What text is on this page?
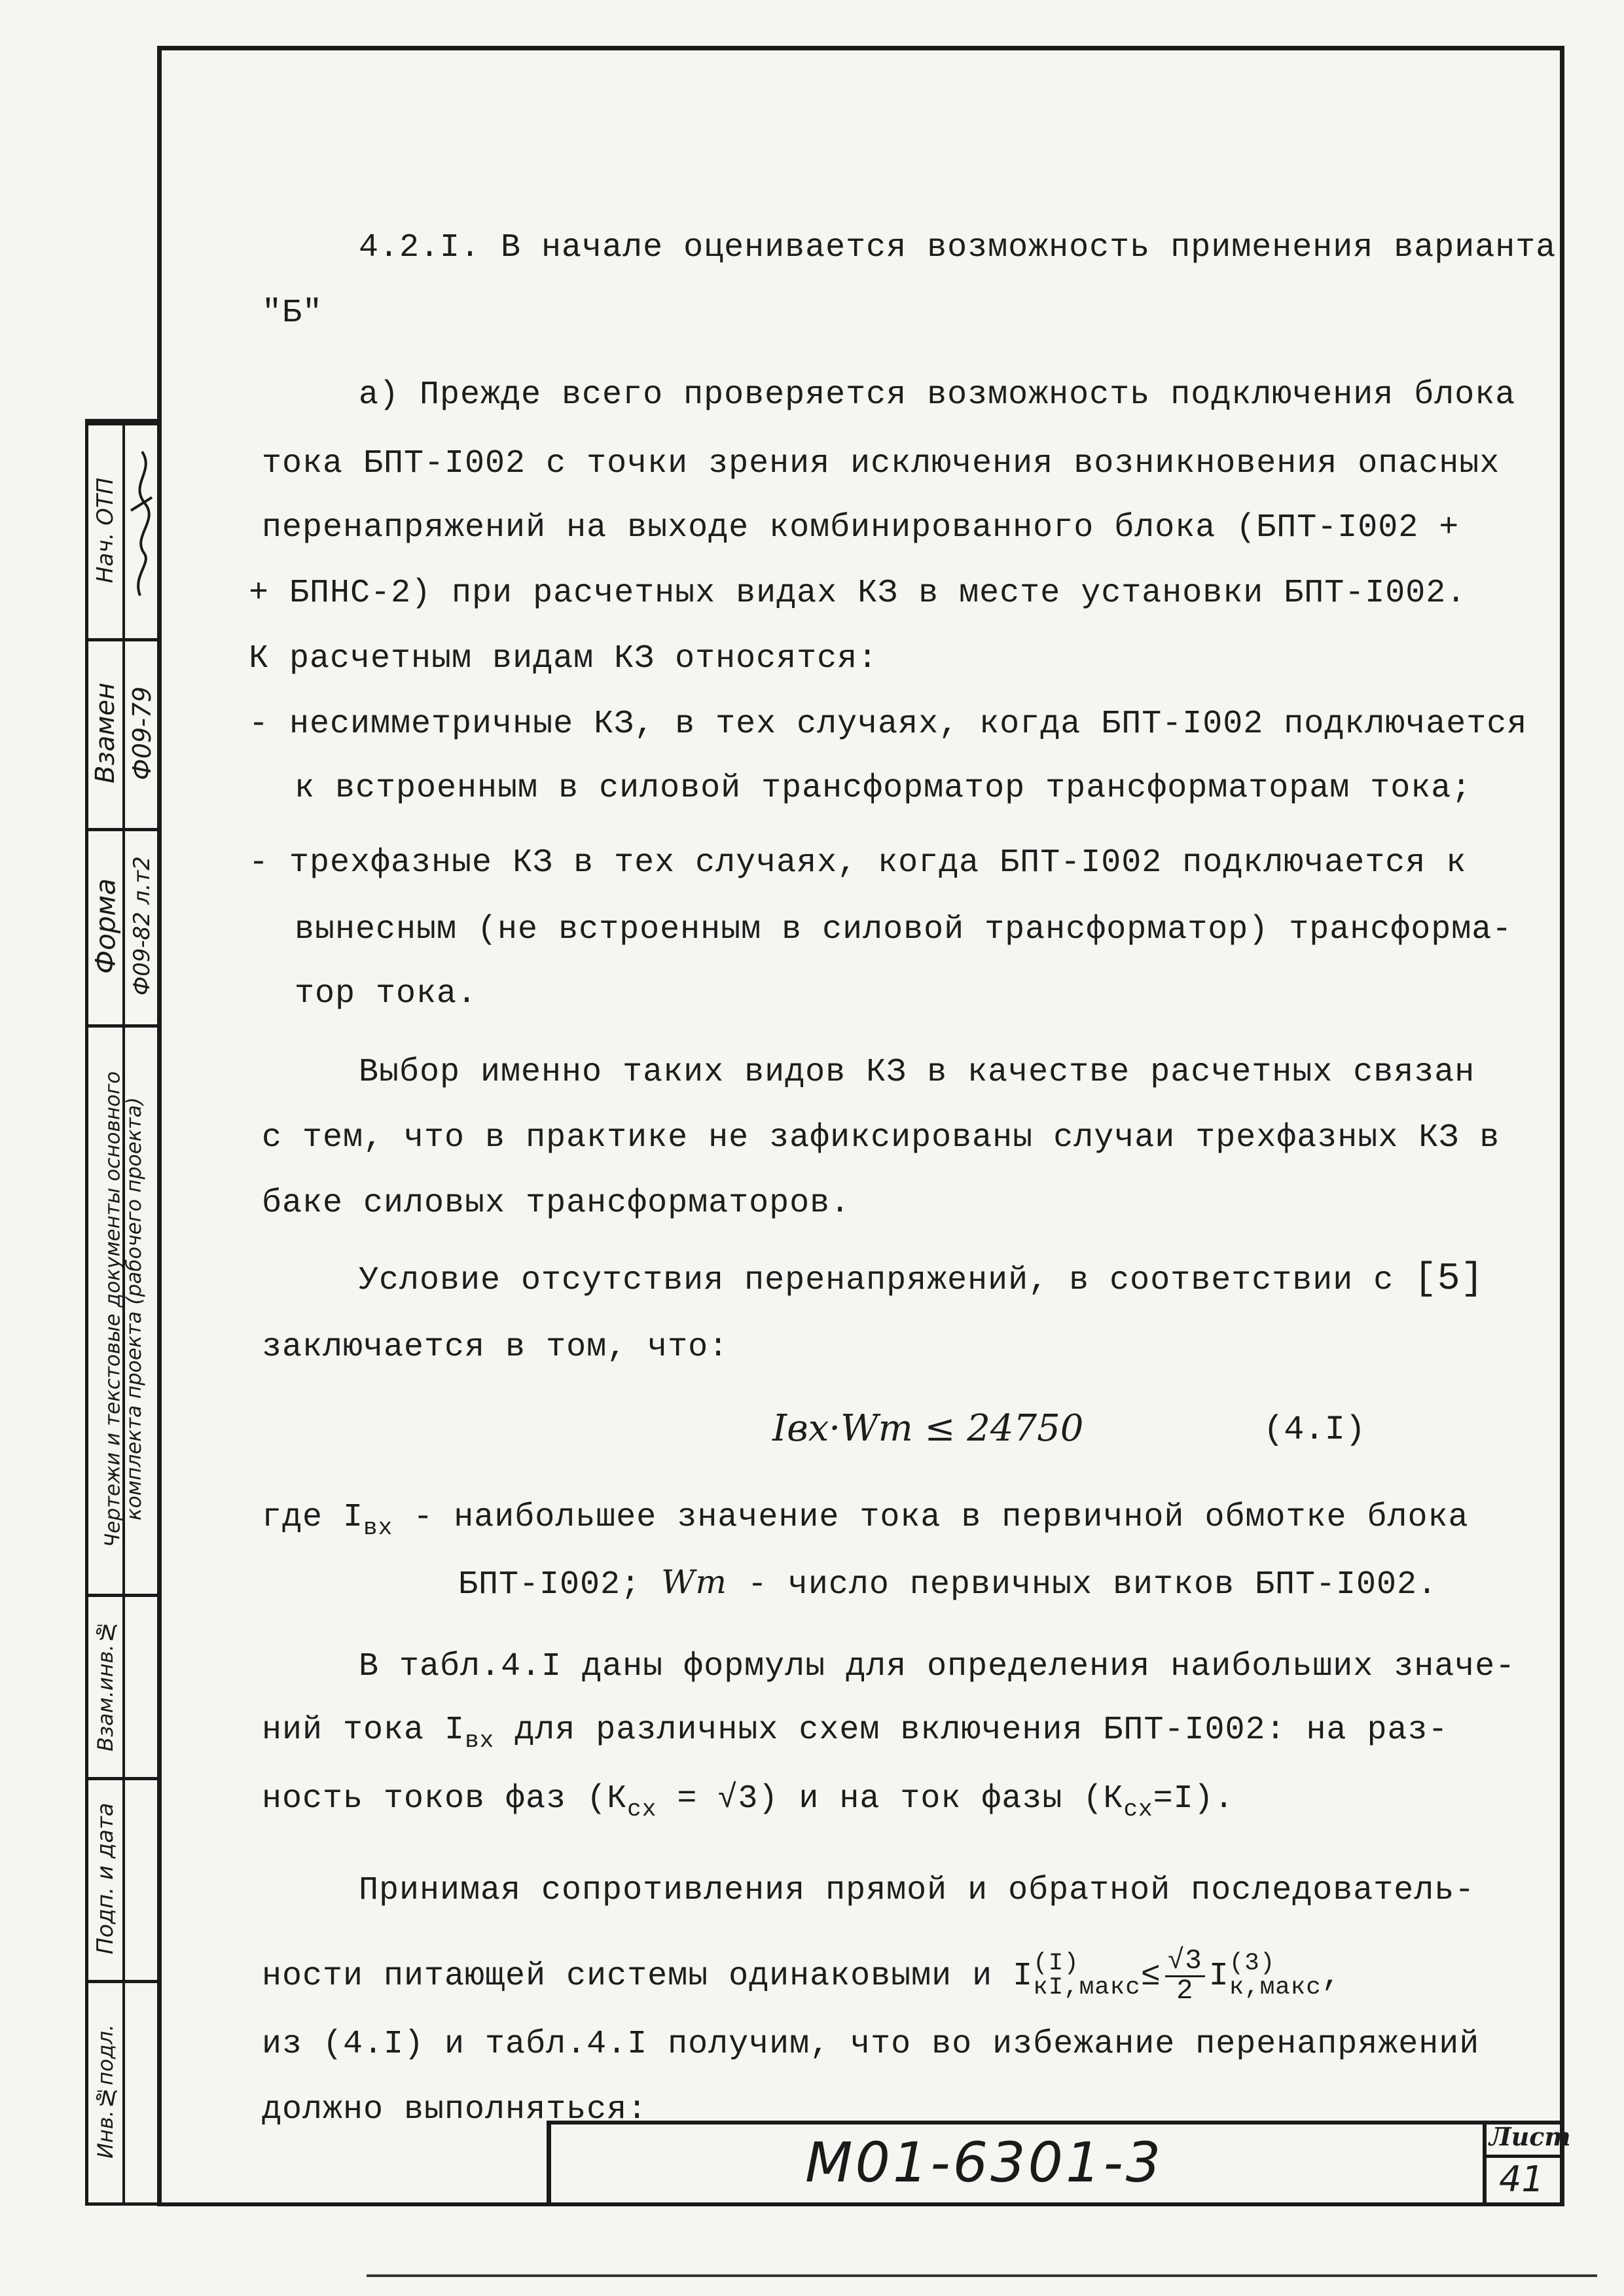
М01-6301-3	Лист
41
Нач. ОТП
Взамен Ф09-79
Форма Ф09-82 л.т2
Чертежи и текстовые документы основного комплекта проекта (рабочего проекта)
Взам.инв.№
Подп. и дата
Инв.№подл.
4.2.I. В начале оценивается возможность применения варианта
"Б"
а) Прежде всего проверяется возможность подключения блока
тока БПТ-I002 с точки зрения исключения возникновения опасных
перенапряжений на выходе комбинированного блока (БПТ-I002 +
+ БПНС-2) при расчетных видах КЗ в месте установки БПТ-I002.
К расчетным видам КЗ относятся:
- несимметричные КЗ, в тех случаях, когда БПТ-I002 подключается
к встроенным в силовой трансформатор трансформаторам тока;
- трехфазные КЗ в тех случаях, когда БПТ-I002 подключается к
вынесным (не встроенным в силовой трансформатор) трансформа-
тор тока.
Выбор именно таких видов КЗ в качестве расчетных связан
с тем, что в практике не зафиксированы случаи трехфазных КЗ в
баке силовых трансформаторов.
Условие отсутствия перенапряжений, в соответствии с [5]
заключается в том, что:
Iвх·Wт ≤ 24750	(4.I)
где $I_{вх}$ - наибольшее значение тока в первичной обмотке блока
БПТ-I002; Wт - число первичных витков БПТ-I002.
В табл.4.I даны формулы для определения наибольших значе-
ний тока $I_{вх}$ для различных схем включения БПТ-I002: на раз-
ность токов фаз $(К_{сх} = √3)$ и на ток фазы $(К_{сх}=I)$.
Принимая сопротивления прямой и обратной последователь-
ности питающей системы одинаковыми и I (I)
кI,макс ≤ $\frac{√3}{2}$ I (3)
к,макс ,
из (4.I) и табл.4.I получим, что во избежание перенапряжений
должно выполняться:
